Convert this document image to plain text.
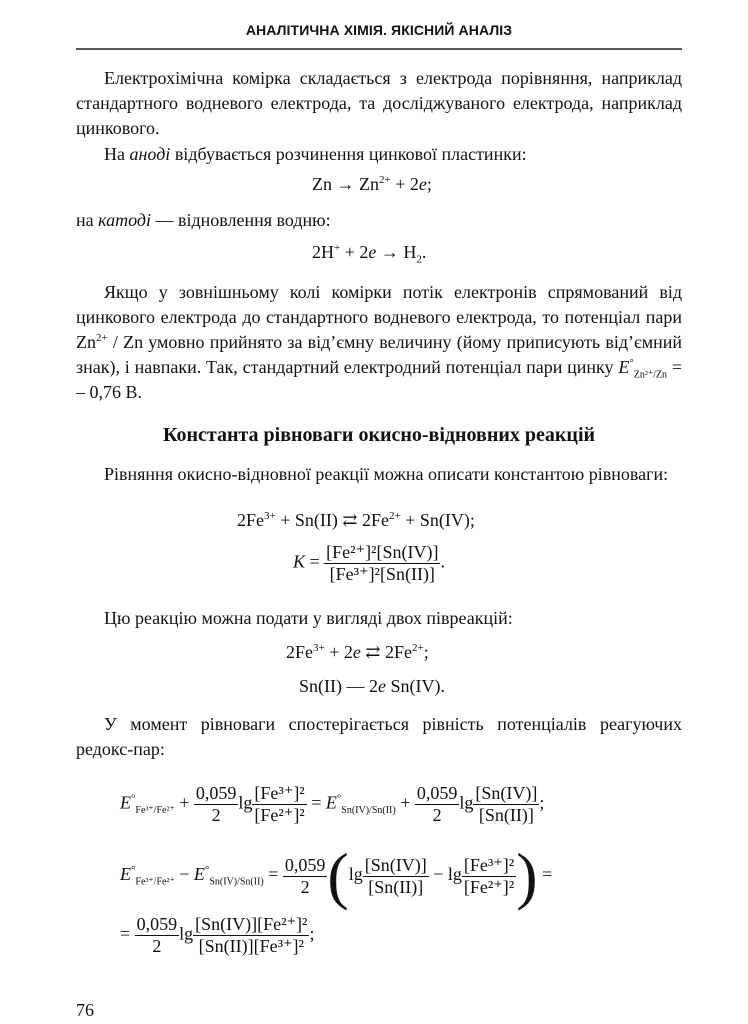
АНАЛІТИЧНА ХІМІЯ. ЯКІСНИЙ АНАЛІЗ
Електрохімічна комірка складається з електрода порівняння, наприклад стандартного водневого електрода, та досліджуваного електрода, наприклад цинкового.
На аноді відбувається розчинення цинкової пластинки:
$Zn \to Zn^{2+} + 2e$;
на катоді — відновлення водню:
$2H^+ + 2e \to H_2$.
Якщо у зовнішньому колі комірки потік електронів спрямований від цинкового електрода до стандартного водневого електрода, то потенціал пари $Zn^{2+}$ / Zn умовно прийнято за від’ємну величину (йому приписують від’ємний знак), і навпаки. Так, стандартний електродний потенціал пари цинку $E^\circ_{Zn^{2+}/Zn}$ = – 0,76 В.
Константа рівноваги окисно-відновних реакцій
Рівняння окисно-відновної реакції можна описати константою рівноваги:
$2Fe^{3+} + Sn(II)$ ⇄ $2Fe^{2+} + Sn(IV)$;
$K = \frac{\text{[Fe²⁺]²[Sn(IV)]}}{\text{[Fe³⁺]²[Sn(II)]}}$ .
Цю реакцію можна подати у вигляді двох півреакцій:
$2Fe^{3+} + 2e$ ⇄ $2Fe^{2+}$;
Sn(II) — 2e Sn(IV).
У момент рівноваги спостерігається рівність потенціалів реагуючих редокс-пар:
$E^\circ_{Fe^{3+}/Fe^{2+}} + \frac{0,059}{2}$ $\lg \frac{\text{[Fe³⁺]²}}{\text{[Fe²⁺]²}} = E^\circ_{Sn(IV)/Sn(II)} + \frac{0,059}{2}$ $\lg \frac{[Sn(IV)]}{[Sn(II)]}$ ;
$E^\circ_{Fe^{3+}/Fe^{2+}} - E^\circ_{Sn(IV)/Sn(II)} = \frac{0,059}{2} (\lg \frac{[Sn(IV)]}{[Sn(II)]} - \lg \frac{\text{[Fe³⁺]²}}{\text{[Fe²⁺]²}}$ ) =
= $\frac{0,059}{2}$ $\lg \frac{\text{[Sn(IV)][Fe²⁺]²}}{\text{[Sn(II)][Fe³⁺]²}}$ ;
76
